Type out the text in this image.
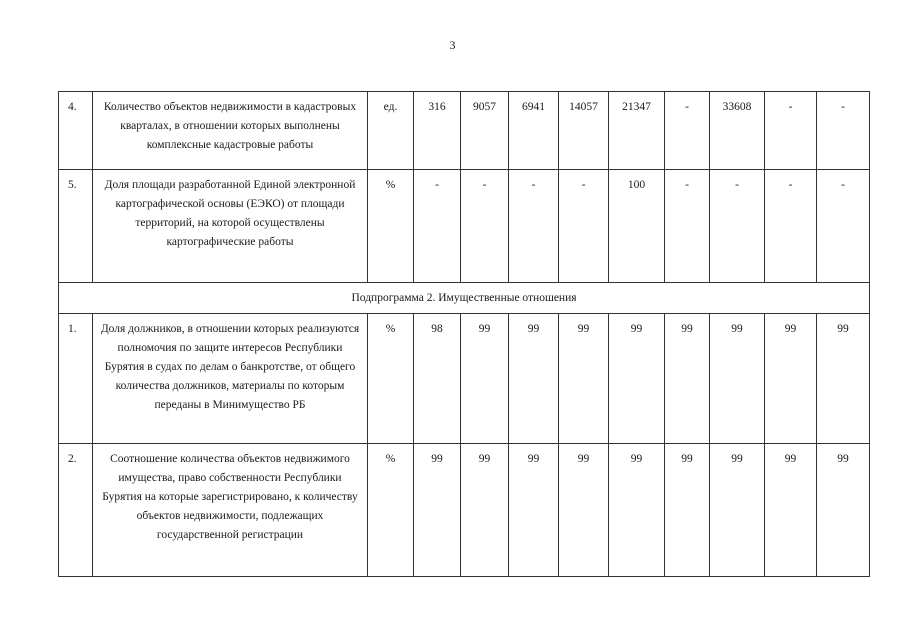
3
4.	Количество объектов недвижимости в кадастровых кварталах, в отношении которых выполнены комплексные кадастровые работы	ед.	316	9057	6941	14057	21347	-	33608	-	-
5.	Доля площади разработанной Единой электронной картографической основы (ЕЭКО) от площади территорий, на которой осуществлены картографические работы	%	-	-	-	-	100	-	-	-	-
Подпрограмма 2. Имущественные отношения											
1.	Доля должников, в отношении которых реализуются полномочия по защите интересов Республики Бурятия в судах по делам о банкротстве, от общего количества должников, материалы по которым переданы в Минимущество РБ	%	98	99	99	99	99	99	99	99	99
2.	Соотношение количества объектов недвижимого имущества, право собственности Республики Бурятия на которые зарегистрировано, к количеству объектов недвижимости, подлежащих государственной регистрации	%	99	99	99	99	99	99	99	99	99
